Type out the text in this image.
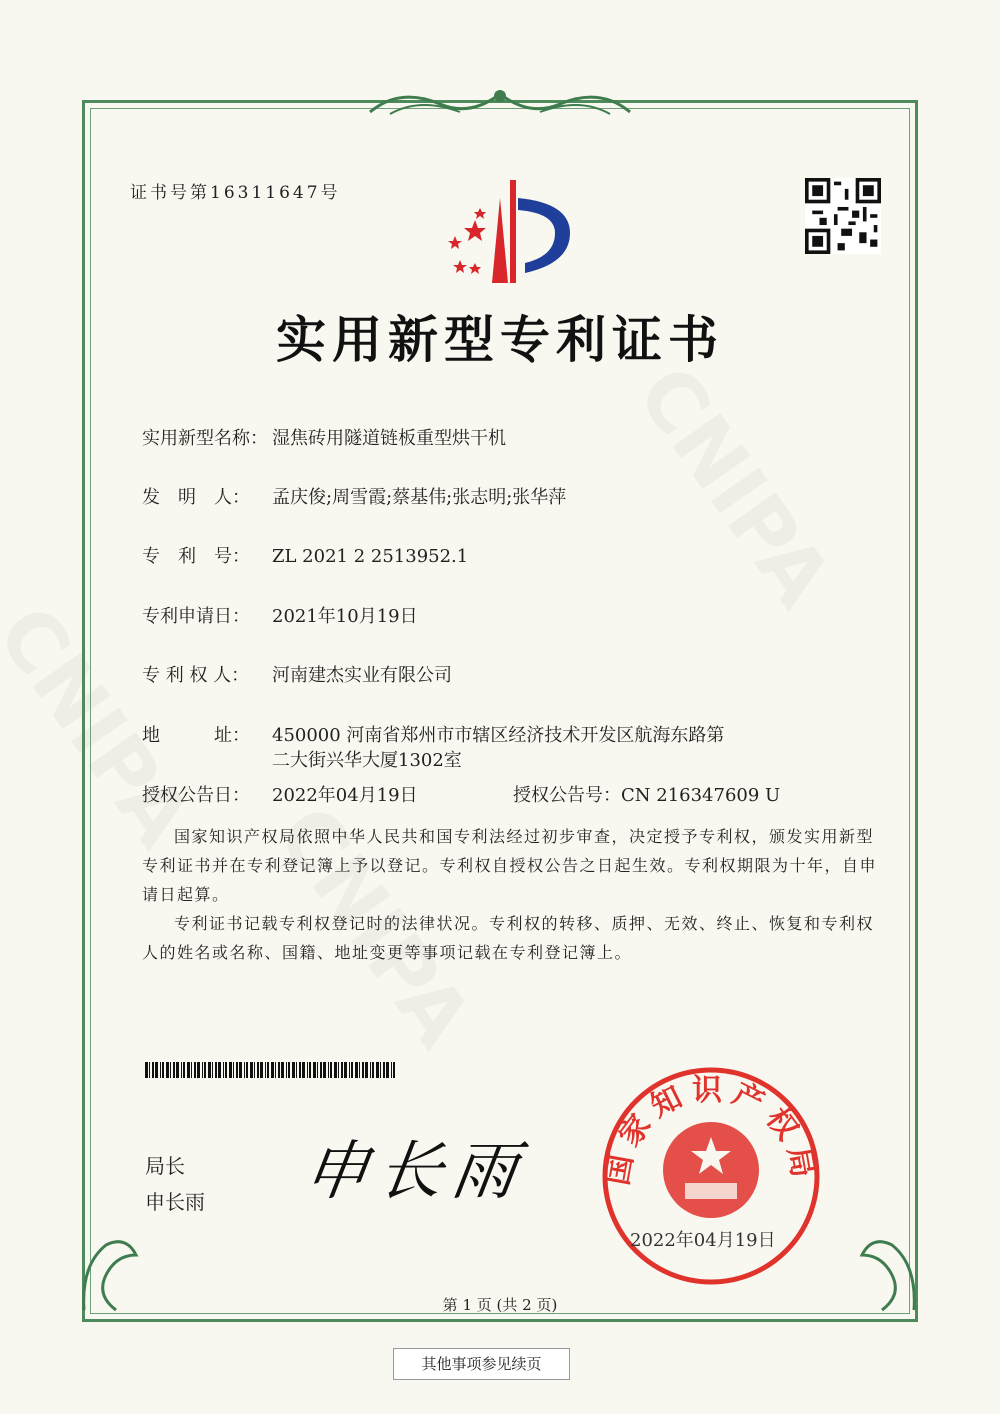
证书号第16311647号
实用新型专利证书
实用新型名称： 湿焦砖用隧道链板重型烘干机
发　明　人： 孟庆俊;周雪霞;蔡基伟;张志明;张华萍
专　利　号： ZL 2021 2 2513952.1
专利申请日： 2021年10月19日
专 利 权 人： 河南建杰实业有限公司
地　　　址： 450000 河南省郑州市市辖区经济技术开发区航海东路第
二大街兴华大厦1302室
授权公告日： 2022年04月19日	授权公告号：CN 216347609 U
国家知识产权局依照中华人民共和国专利法经过初步审查，决定授予专利权，颁发实用新型专利证书并在专利登记簿上予以登记。专利权自授权公告之日起生效。专利权期限为十年，自申请日起算。
专利证书记载专利权登记时的法律状况。专利权的转移、质押、无效、终止、恢复和专利权人的姓名或名称、国籍、地址变更等事项记载在专利登记簿上。
局长
申长雨 申长雨 国家知识产权局
2022年04月19日
第 1 页 (共 2 页)
其他事项参见续页
